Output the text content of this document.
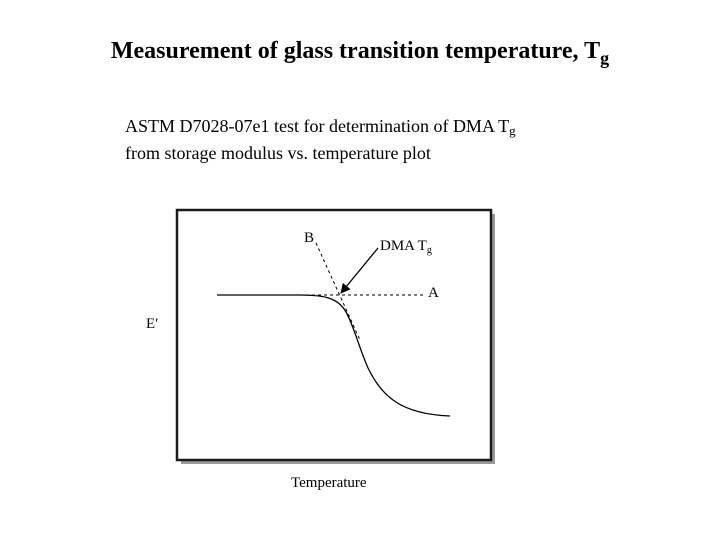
Measurement of glass transition temperature, $T_g$
ASTM D7028-07e1 test for determination of DMA $T_g$
from storage modulus vs. temperature plot
B
A
DMA $T_g$
E′
Temperature
